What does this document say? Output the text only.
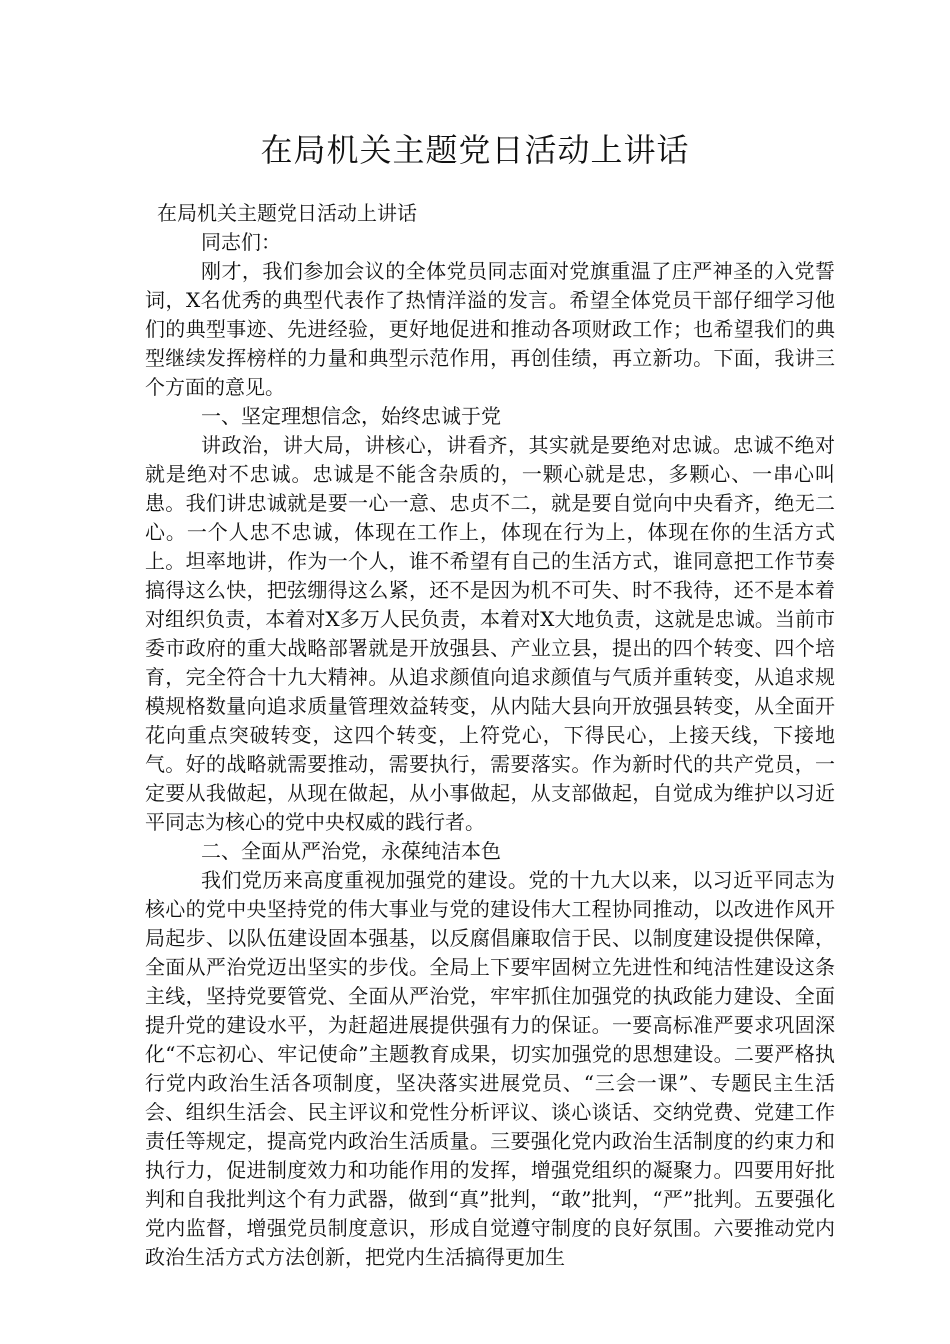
在局机关主题党日活动上讲话

在局机关主题党日活动上讲话

同志们：

刚才，我们参加会议的全体党员同志面对党旗重温了庄严神圣的入党誓词，X名优秀的典型代表作了热情洋溢的发言。希望全体党员干部仔细学习他们的典型事迹、先进经验，更好地促进和推动各项财政工作；也希望我们的典型继续发挥榜样的力量和典型示范作用，再创佳绩，再立新功。下面，我讲三个方面的意见。

一、坚定理想信念，始终忠诚于党

讲政治，讲大局，讲核心，讲看齐，其实就是要绝对忠诚。忠诚不绝对就是绝对不忠诚。忠诚是不能含杂质的，一颗心就是忠，多颗心、一串心叫患。我们讲忠诚就是要一心一意、忠贞不二，就是要自觉向中央看齐，绝无二心。一个人忠不忠诚，体现在工作上，体现在行为上，体现在你的生活方式上。坦率地讲，作为一个人，谁不希望有自己的生活方式，谁同意把工作节奏搞得这么快，把弦绷得这么紧，还不是因为机不可失、时不我待，还不是本着对组织负责，本着对X多万人民负责，本着对X大地负责，这就是忠诚。当前市委市政府的重大战略部署就是开放强县、产业立县，提出的四个转变、四个培育，完全符合十九大精神。从追求颜值向追求颜值与气质并重转变，从追求规模规格数量向追求质量管理效益转变，从内陆大县向开放强县转变，从全面开花向重点突破转变，这四个转变，上符党心，下得民心，上接天线，下接地气。好的战略就需要推动，需要执行，需要落实。作为新时代的共产党员，一定要从我做起，从现在做起，从小事做起，从支部做起，自觉成为维护以习近平同志为核心的党中央权威的践行者。

二、全面从严治党，永葆纯洁本色

我们党历来高度重视加强党的建设。党的十九大以来，以习近平同志为核心的党中央坚持党的伟大事业与党的建设伟大工程协同推动，以改进作风开局起步、以队伍建设固本强基，以反腐倡廉取信于民、以制度建设提供保障，全面从严治党迈出坚实的步伐。全局上下要牢固树立先进性和纯洁性建设这条主线，坚持党要管党、全面从严治党，牢牢抓住加强党的执政能力建设、全面提升党的建设水平，为赶超进展提供强有力的保证。一要高标准严要求巩固深化“不忘初心、牢记使命”主题教育成果，切实加强党的思想建设。二要严格执行党内政治生活各项制度，坚决落实进展党员、“三会一课”、专题民主生活会、组织生活会、民主评议和党性分析评议、谈心谈话、交纳党费、党建工作责任等规定，提高党内政治生活质量。三要强化党内政治生活制度的约束力和执行力，促进制度效力和功能作用的发挥，增强党组织的凝聚力。四要用好批判和自我批判这个有力武器，做到“真”批判，“敢”批判，“严”批判。五要强化党内监督，增强党员制度意识，形成自觉遵守制度的良好氛围。六要推动党内政治生活方式方法创新，把党内生活搞得更加生
